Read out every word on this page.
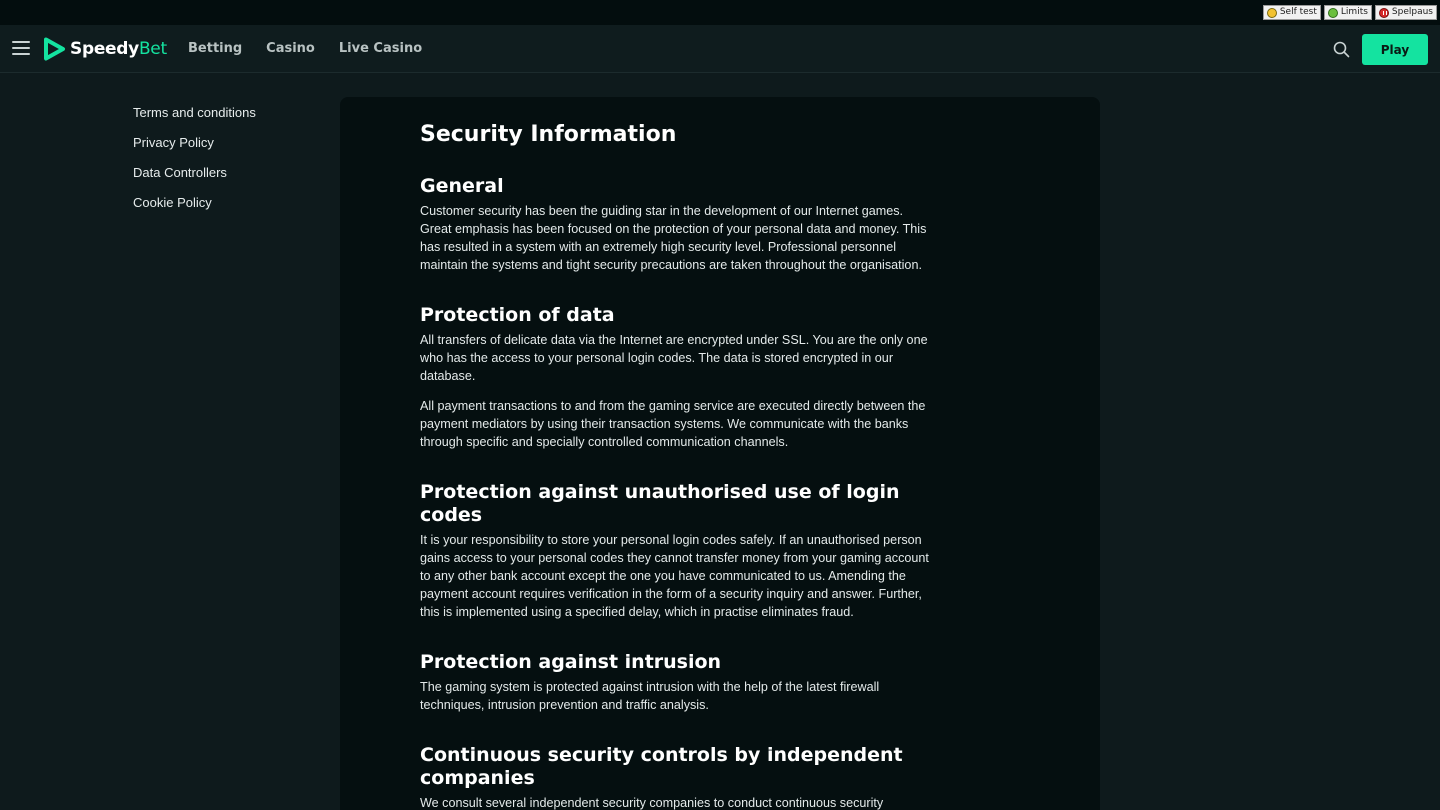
Self test	Limits	Spelpaus
SpeedyBet Betting Casino Live Casino	Play
Terms and conditions
Privacy Policy
Data Controllers
Cookie Policy
Security Information
General

Customer security has been the guiding star in the development of our Internet games. Great emphasis has been focused on the protection of your personal data and money. This has resulted in a system with an extremely high security level. Professional personnel maintain the systems and tight security precautions are taken throughout the organisation.

Protection of data

All transfers of delicate data via the Internet are encrypted under SSL. You are the only one who has the access to your personal login codes. The data is stored encrypted in our database.

All payment transactions to and from the gaming service are executed directly between the payment mediators by using their transaction systems. We communicate with the banks through specific and specially controlled communication channels.

Protection against unauthorised use of login codes

It is your responsibility to store your personal login codes safely. If an unauthorised person gains access to your personal codes they cannot transfer money from your gaming account to any other bank account except the one you have communicated to us. Amending the payment account requires verification in the form of a security inquiry and answer. Further, this is implemented using a specified delay, which in practise eliminates fraud.

Protection against intrusion

The gaming system is protected against intrusion with the help of the latest firewall techniques, intrusion prevention and traffic analysis.

Continuous security controls by independent companies

We consult several independent security companies to conduct continuous security
